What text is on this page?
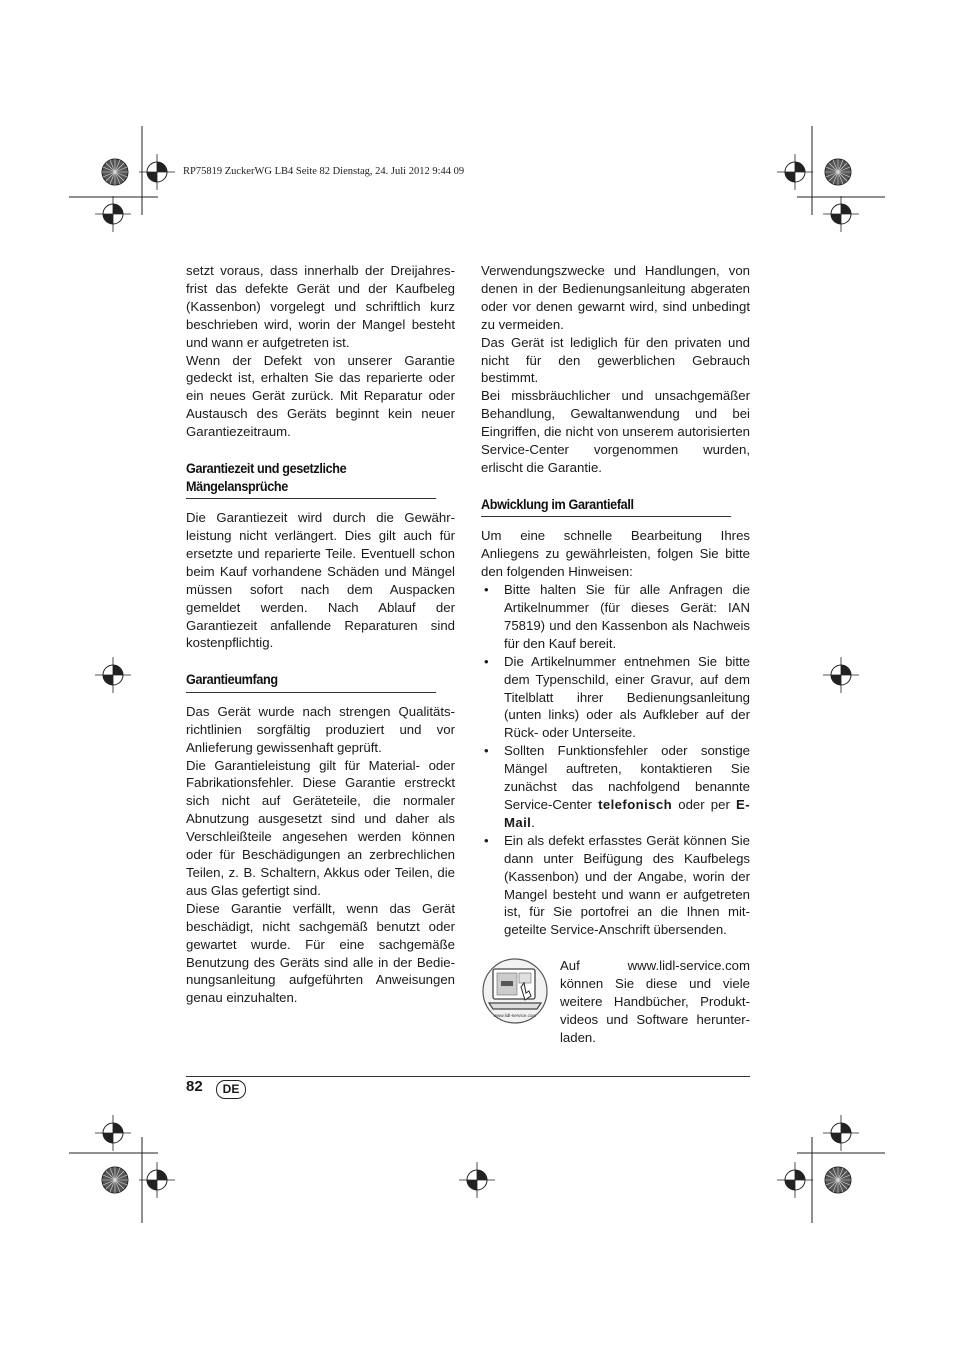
RP75819 ZuckerWG LB4 Seite 82 Dienstag, 24. Juli 2012 9:44 09

setzt voraus, dass innerhalb der Dreijahresfrist das defekte Gerät und der Kaufbeleg (Kassenbon) vorgelegt und schriftlich kurz beschrieben wird, worin der Mangel besteht und wann er aufgetreten ist.

Wenn der Defekt von unserer Garantie gedeckt ist, erhalten Sie das reparierte oder ein neues Gerät zurück. Mit Reparatur oder Austausch des Geräts beginnt kein neuer Garantiezeitraum.

Garantiezeit und gesetzliche
Mängelansprüche

Die Garantiezeit wird durch die Gewährleistung nicht verlängert. Dies gilt auch für ersetzte und reparierte Teile. Eventuell schon beim Kauf vorhandene Schäden und Mängel müssen sofort nach dem Auspacken gemeldet werden. Nach Ablauf der Garantiezeit anfallende Reparaturen sind kostenpflichtig.

Garantieumfang

Das Gerät wurde nach strengen Qualitätsrichtlinien sorgfältig produziert und vor Anlieferung gewissenhaft geprüft.

Die Garantieleistung gilt für Material- oder Fabrikationsfehler. Diese Garantie erstreckt sich nicht auf Geräteteile, die normaler Abnutzung ausgesetzt sind und daher als Verschleißteile angesehen werden können oder für Beschädigungen an zerbrechlichen Teilen, z. B. Schaltern, Akkus oder Teilen, die aus Glas gefertigt sind.

Diese Garantie verfällt, wenn das Gerät beschädigt, nicht sachgemäß benutzt oder gewartet wurde. Für eine sachgemäße Benutzung des Geräts sind alle in der Bedienungsanleitung aufgeführten Anweisungen genau einzuhalten.

Verwendungszwecke und Handlungen, von denen in der Bedienungsanleitung abgeraten oder vor denen gewarnt wird, sind unbedingt zu vermeiden.

Das Gerät ist lediglich für den privaten und nicht für den gewerblichen Gebrauch bestimmt.

Bei missbräuchlicher und unsachgemäßer Behandlung, Gewaltanwendung und bei Eingriffen, die nicht von unserem autorisierten Service-Center vorgenommen wurden, erlischt die Garantie.

Abwicklung im Garantiefall

Um eine schnelle Bearbeitung Ihres Anliegens zu gewährleisten, folgen Sie bitte den folgenden Hinweisen:

• Bitte halten Sie für alle Anfragen die Artikelnummer (für dieses Gerät: IAN 75819) und den Kassenbon als Nachweis für den Kauf bereit.
• Die Artikelnummer entnehmen Sie bitte dem Typenschild, einer Gravur, auf dem Titelblatt ihrer Bedienungsanleitung (unten links) oder als Aufkleber auf der Rück- oder Unterseite.
• Sollten Funktionsfehler oder sonstige Mängel auftreten, kontaktieren Sie zunächst das nachfolgend benannte Service-Center telefonisch oder per E-Mail.
• Ein als defekt erfasstes Gerät können Sie dann unter Beifügung des Kaufbelegs (Kassenbon) und der Angabe, worin der Mangel besteht und wann er aufgetreten ist, für Sie portofrei an die Ihnen mitgeteilte Service-Anschrift übersenden.
www.lidl-service.com

Auf www.lidl-service.com können Sie diese und viele weitere Handbücher, Produktvideos und Software herunterladen.

82	DE
